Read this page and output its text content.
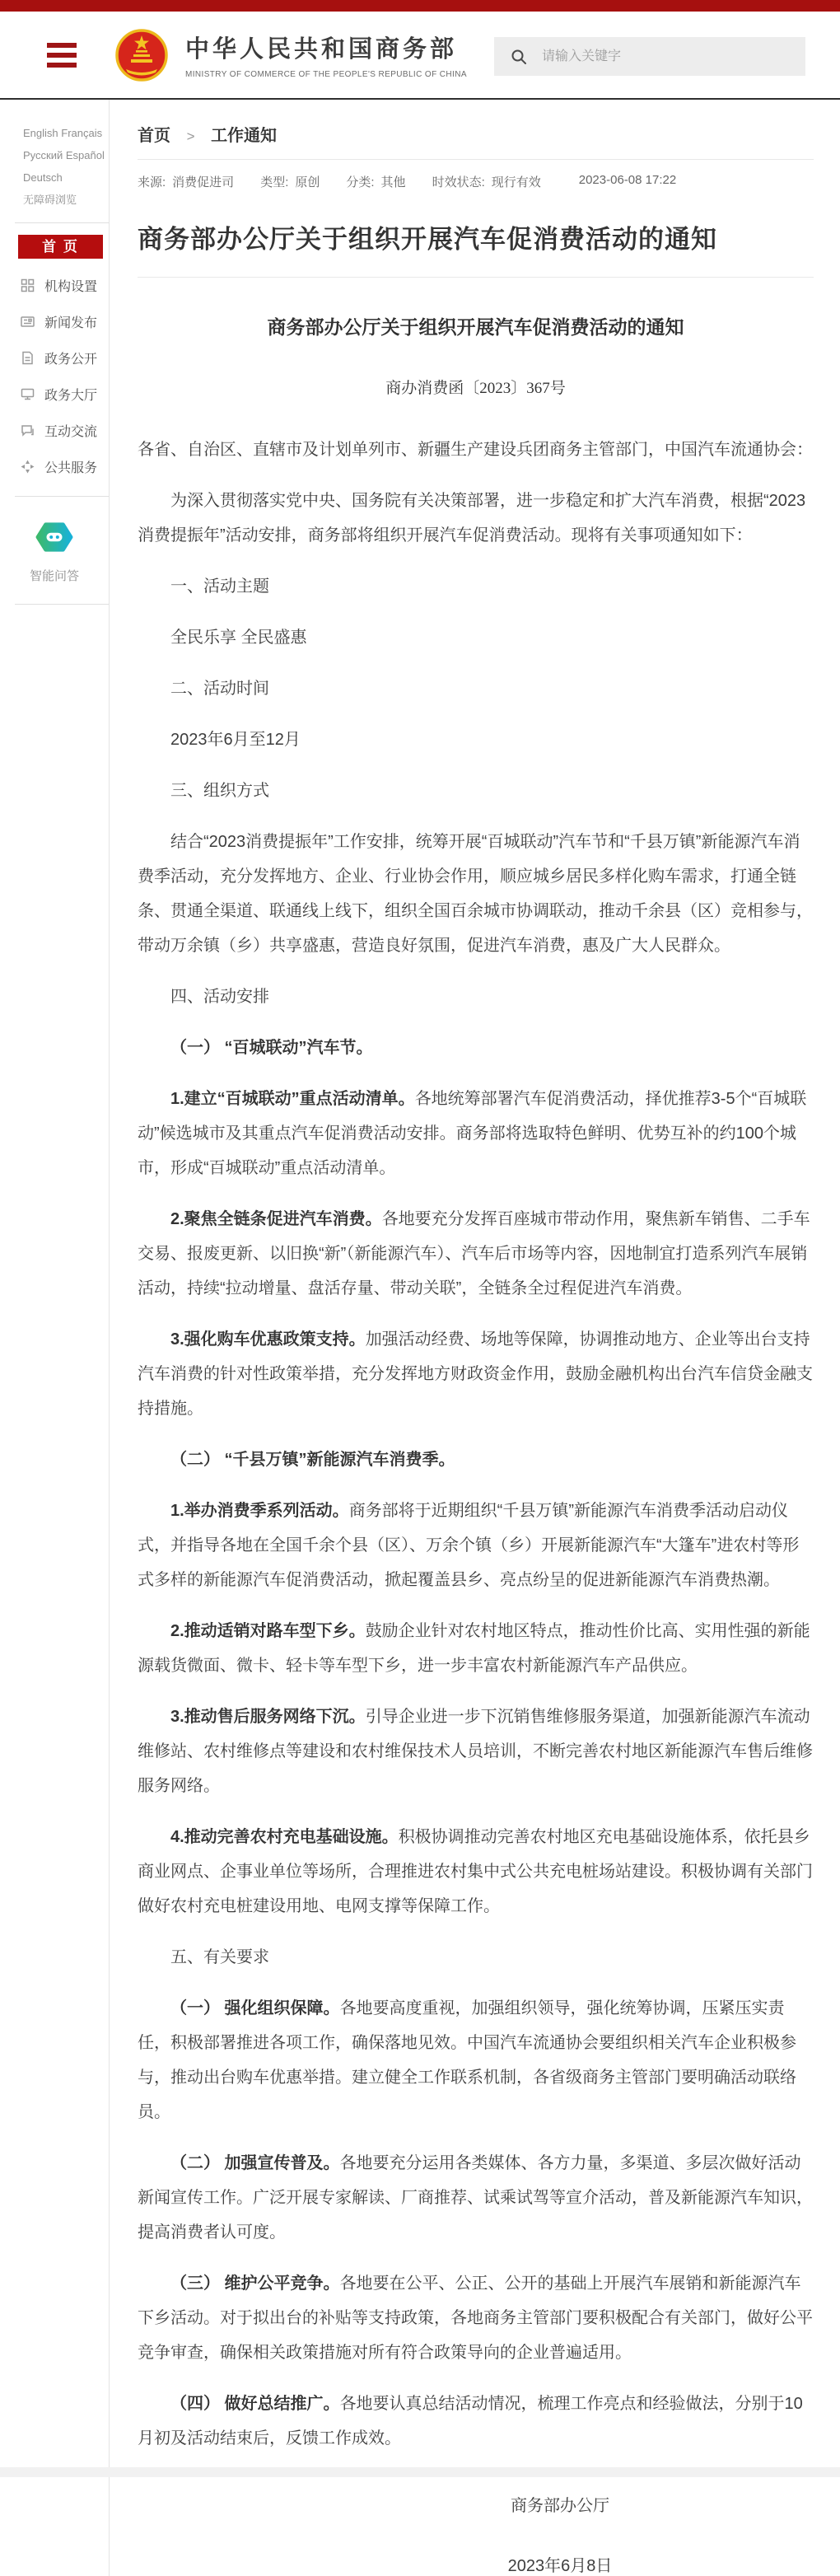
中华人民共和国商务部
MINISTRY OF COMMERCE OF THE PEOPLE'S REPUBLIC OF CHINA
请输入关键字
English Français
Русский Español
Deutsch
无障碍浏览
首 页
机构设置
新闻发布
政务公开
政务大厅
互动交流
公共服务
智能问答
首页 > 工作通知
来源: 消费促进司 类型: 原创 分类: 其他 时效状态: 现行有效	2023-06-08 17:22
商务部办公厅关于组织开展汽车促消费活动的通知
商务部办公厅关于组织开展汽车促消费活动的通知
商办消费函〔2023〕367号

各省、自治区、直辖市及计划单列市、新疆生产建设兵团商务主管部门，中国汽车流通协会：

为深入贯彻落实党中央、国务院有关决策部署，进一步稳定和扩大汽车消费，根据“2023消费提振年”活动安排，商务部将组织开展汽车促消费活动。现将有关事项通知如下：

一、活动主题

全民乐享 全民盛惠

二、活动时间

2023年6月至12月

三、组织方式

结合“2023消费提振年”工作安排，统筹开展“百城联动”汽车节和“千县万镇”新能源汽车消费季活动，充分发挥地方、企业、行业协会作用，顺应城乡居民多样化购车需求，打通全链条、贯通全渠道、联通线上线下，组织全国百余城市协调联动，推动千余县（区）竞相参与，带动万余镇（乡）共享盛惠，营造良好氛围，促进汽车消费，惠及广大人民群众。

四、活动安排

（一） “百城联动”汽车节。

1.建立“百城联动”重点活动清单。各地统筹部署汽车促消费活动，择优推荐3-5个“百城联动”候选城市及其重点汽车促消费活动安排。商务部将选取特色鲜明、优势互补的约100个城市，形成“百城联动”重点活动清单。

2.聚焦全链条促进汽车消费。各地要充分发挥百座城市带动作用，聚焦新车销售、二手车交易、报废更新、以旧换“新”（新能源汽车）、汽车后市场等内容，因地制宜打造系列汽车展销活动，持续“拉动增量、盘活存量、带动关联”，全链条全过程促进汽车消费。

3.强化购车优惠政策支持。加强活动经费、场地等保障，协调推动地方、企业等出台支持汽车消费的针对性政策举措，充分发挥地方财政资金作用，鼓励金融机构出台汽车信贷金融支持措施。

（二） “千县万镇”新能源汽车消费季。

1.举办消费季系列活动。商务部将于近期组织“千县万镇”新能源汽车消费季活动启动仪式，并指导各地在全国千余个县（区）、万余个镇（乡）开展新能源汽车“大篷车”进农村等形式多样的新能源汽车促消费活动，掀起覆盖县乡、亮点纷呈的促进新能源汽车消费热潮。

2.推动适销对路车型下乡。鼓励企业针对农村地区特点，推动性价比高、实用性强的新能源载货微面、微卡、轻卡等车型下乡，进一步丰富农村新能源汽车产品供应。

3.推动售后服务网络下沉。引导企业进一步下沉销售维修服务渠道，加强新能源汽车流动维修站、农村维修点等建设和农村维保技术人员培训，不断完善农村地区新能源汽车售后维修服务网络。

4.推动完善农村充电基础设施。积极协调推动完善农村地区充电基础设施体系，依托县乡商业网点、企事业单位等场所，合理推进农村集中式公共充电桩场站建设。积极协调有关部门做好农村充电桩建设用地、电网支撑等保障工作。

五、有关要求

（一） 强化组织保障。各地要高度重视，加强组织领导，强化统筹协调，压紧压实责任，积极部署推进各项工作，确保落地见效。中国汽车流通协会要组织相关汽车企业积极参与，推动出台购车优惠举措。建立健全工作联系机制，各省级商务主管部门要明确活动联络员。

（二） 加强宣传普及。各地要充分运用各类媒体、各方力量，多渠道、多层次做好活动新闻宣传工作。广泛开展专家解读、厂商推荐、试乘试驾等宣介活动，普及新能源汽车知识，提高消费者认可度。

（三） 维护公平竞争。各地要在公平、公正、公开的基础上开展汽车展销和新能源汽车下乡活动。对于拟出台的补贴等支持政策，各地商务主管部门要积极配合有关部门，做好公平竞争审查，确保相关政策措施对所有符合政策导向的企业普遍适用。

（四） 做好总结推广。各地要认真总结活动情况，梳理工作亮点和经验做法，分别于10月初及活动结束后，反馈工作成效。

商务部办公厅
2023年6月8日
